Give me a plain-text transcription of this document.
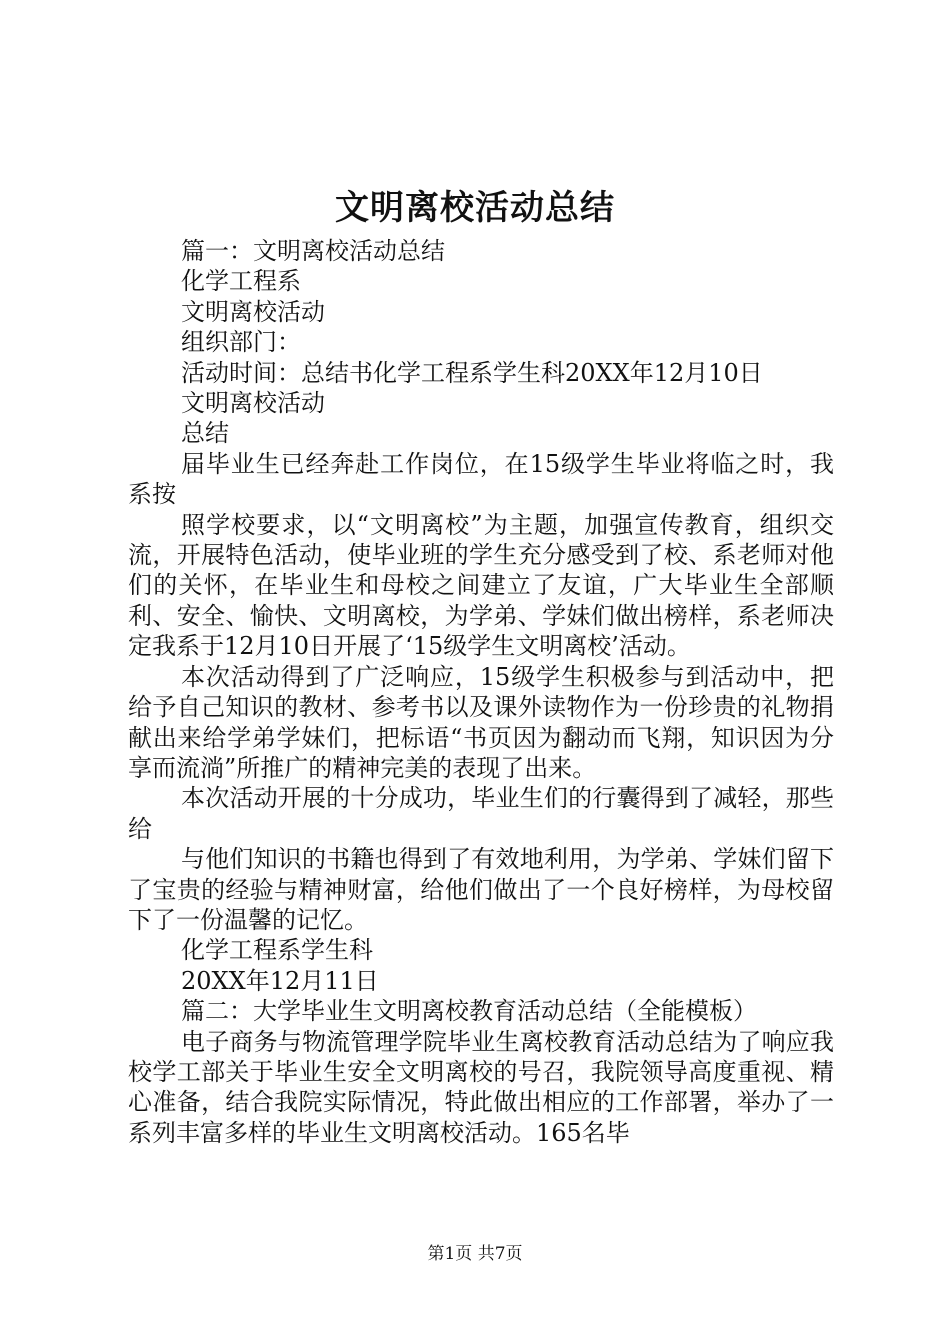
文明离校活动总结

篇一：文明离校活动总结

化学工程系

文明离校活动

组织部门：

活动时间：总结书化学工程系学生科20XX年12月10日

文明离校活动

总结

届毕业生已经奔赴工作岗位，在15级学生毕业将临之时，我系按

照学校要求，以“文明离校”为主题，加强宣传教育，组织交流，开展特色活动，使毕业班的学生充分感受到了校、系老师对他们的关怀，在毕业生和母校之间建立了友谊，广大毕业生全部顺利、安全、愉快、文明离校，为学弟、学妹们做出榜样，系老师决定我系于12月10日开展了‘15级学生文明离校’活动。

本次活动得到了广泛响应，15级学生积极参与到活动中，把给予自己知识的教材、参考书以及课外读物作为一份珍贵的礼物捐献出来给学弟学妹们，把标语“书页因为翻动而飞翔，知识因为分享而流淌”所推广的精神完美的表现了出来。

本次活动开展的十分成功，毕业生们的行囊得到了减轻，那些给

与他们知识的书籍也得到了有效地利用，为学弟、学妹们留下了宝贵的经验与精神财富，给他们做出了一个良好榜样，为母校留下了一份温馨的记忆。

化学工程系学生科

20XX年12月11日

篇二：大学毕业生文明离校教育活动总结（全能模板）

电子商务与物流管理学院毕业生离校教育活动总结为了响应我校学工部关于毕业生安全文明离校的号召，我院领导高度重视、精心准备，结合我院实际情况，特此做出相应的工作部署，举办了一系列丰富多样的毕业生文明离校活动。165名毕

第1页 共7页
